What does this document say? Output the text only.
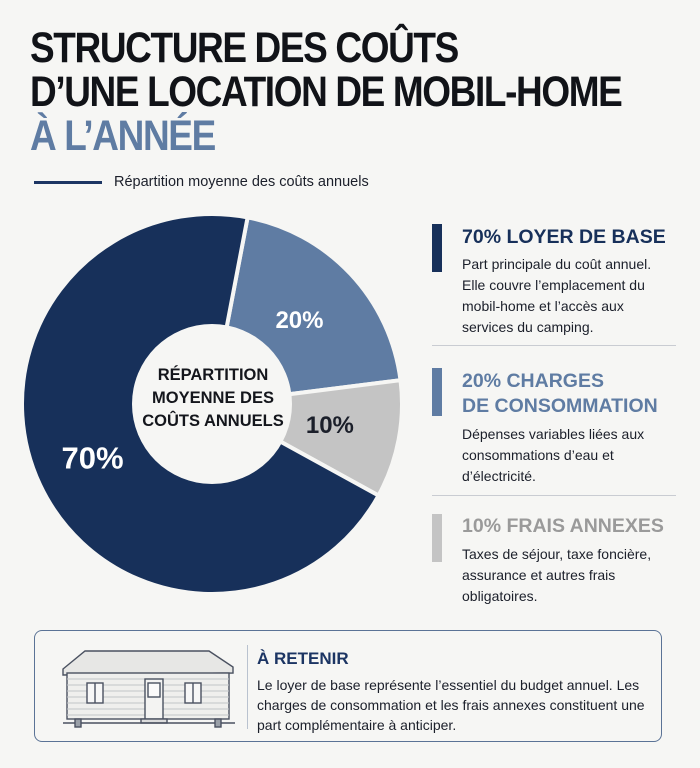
STRUCTURE DES COÛTS
D’UNE LOCATION DE MOBIL-HOME
À L’ANNÉE
Répartition moyenne des coûts annuels
20%
10%
70%
RÉPARTITION MOYENNE DES COÛTS ANNUELS
70% LOYER DE BASE
Part principale du coût annuel. Elle couvre l’emplacement du mobil-home et l’accès aux services du camping.
20% CHARGES
DE CONSOMMATION
Dépenses variables liées aux consommations d’eau et d’électricité.
10% FRAIS ANNEXES
Taxes de séjour, taxe foncière, assurance et autres frais obligatoires.
À RETENIR
Le loyer de base représente l’essentiel du budget annuel. Les charges de consommation et les frais annexes constituent une part complémentaire à anticiper.
